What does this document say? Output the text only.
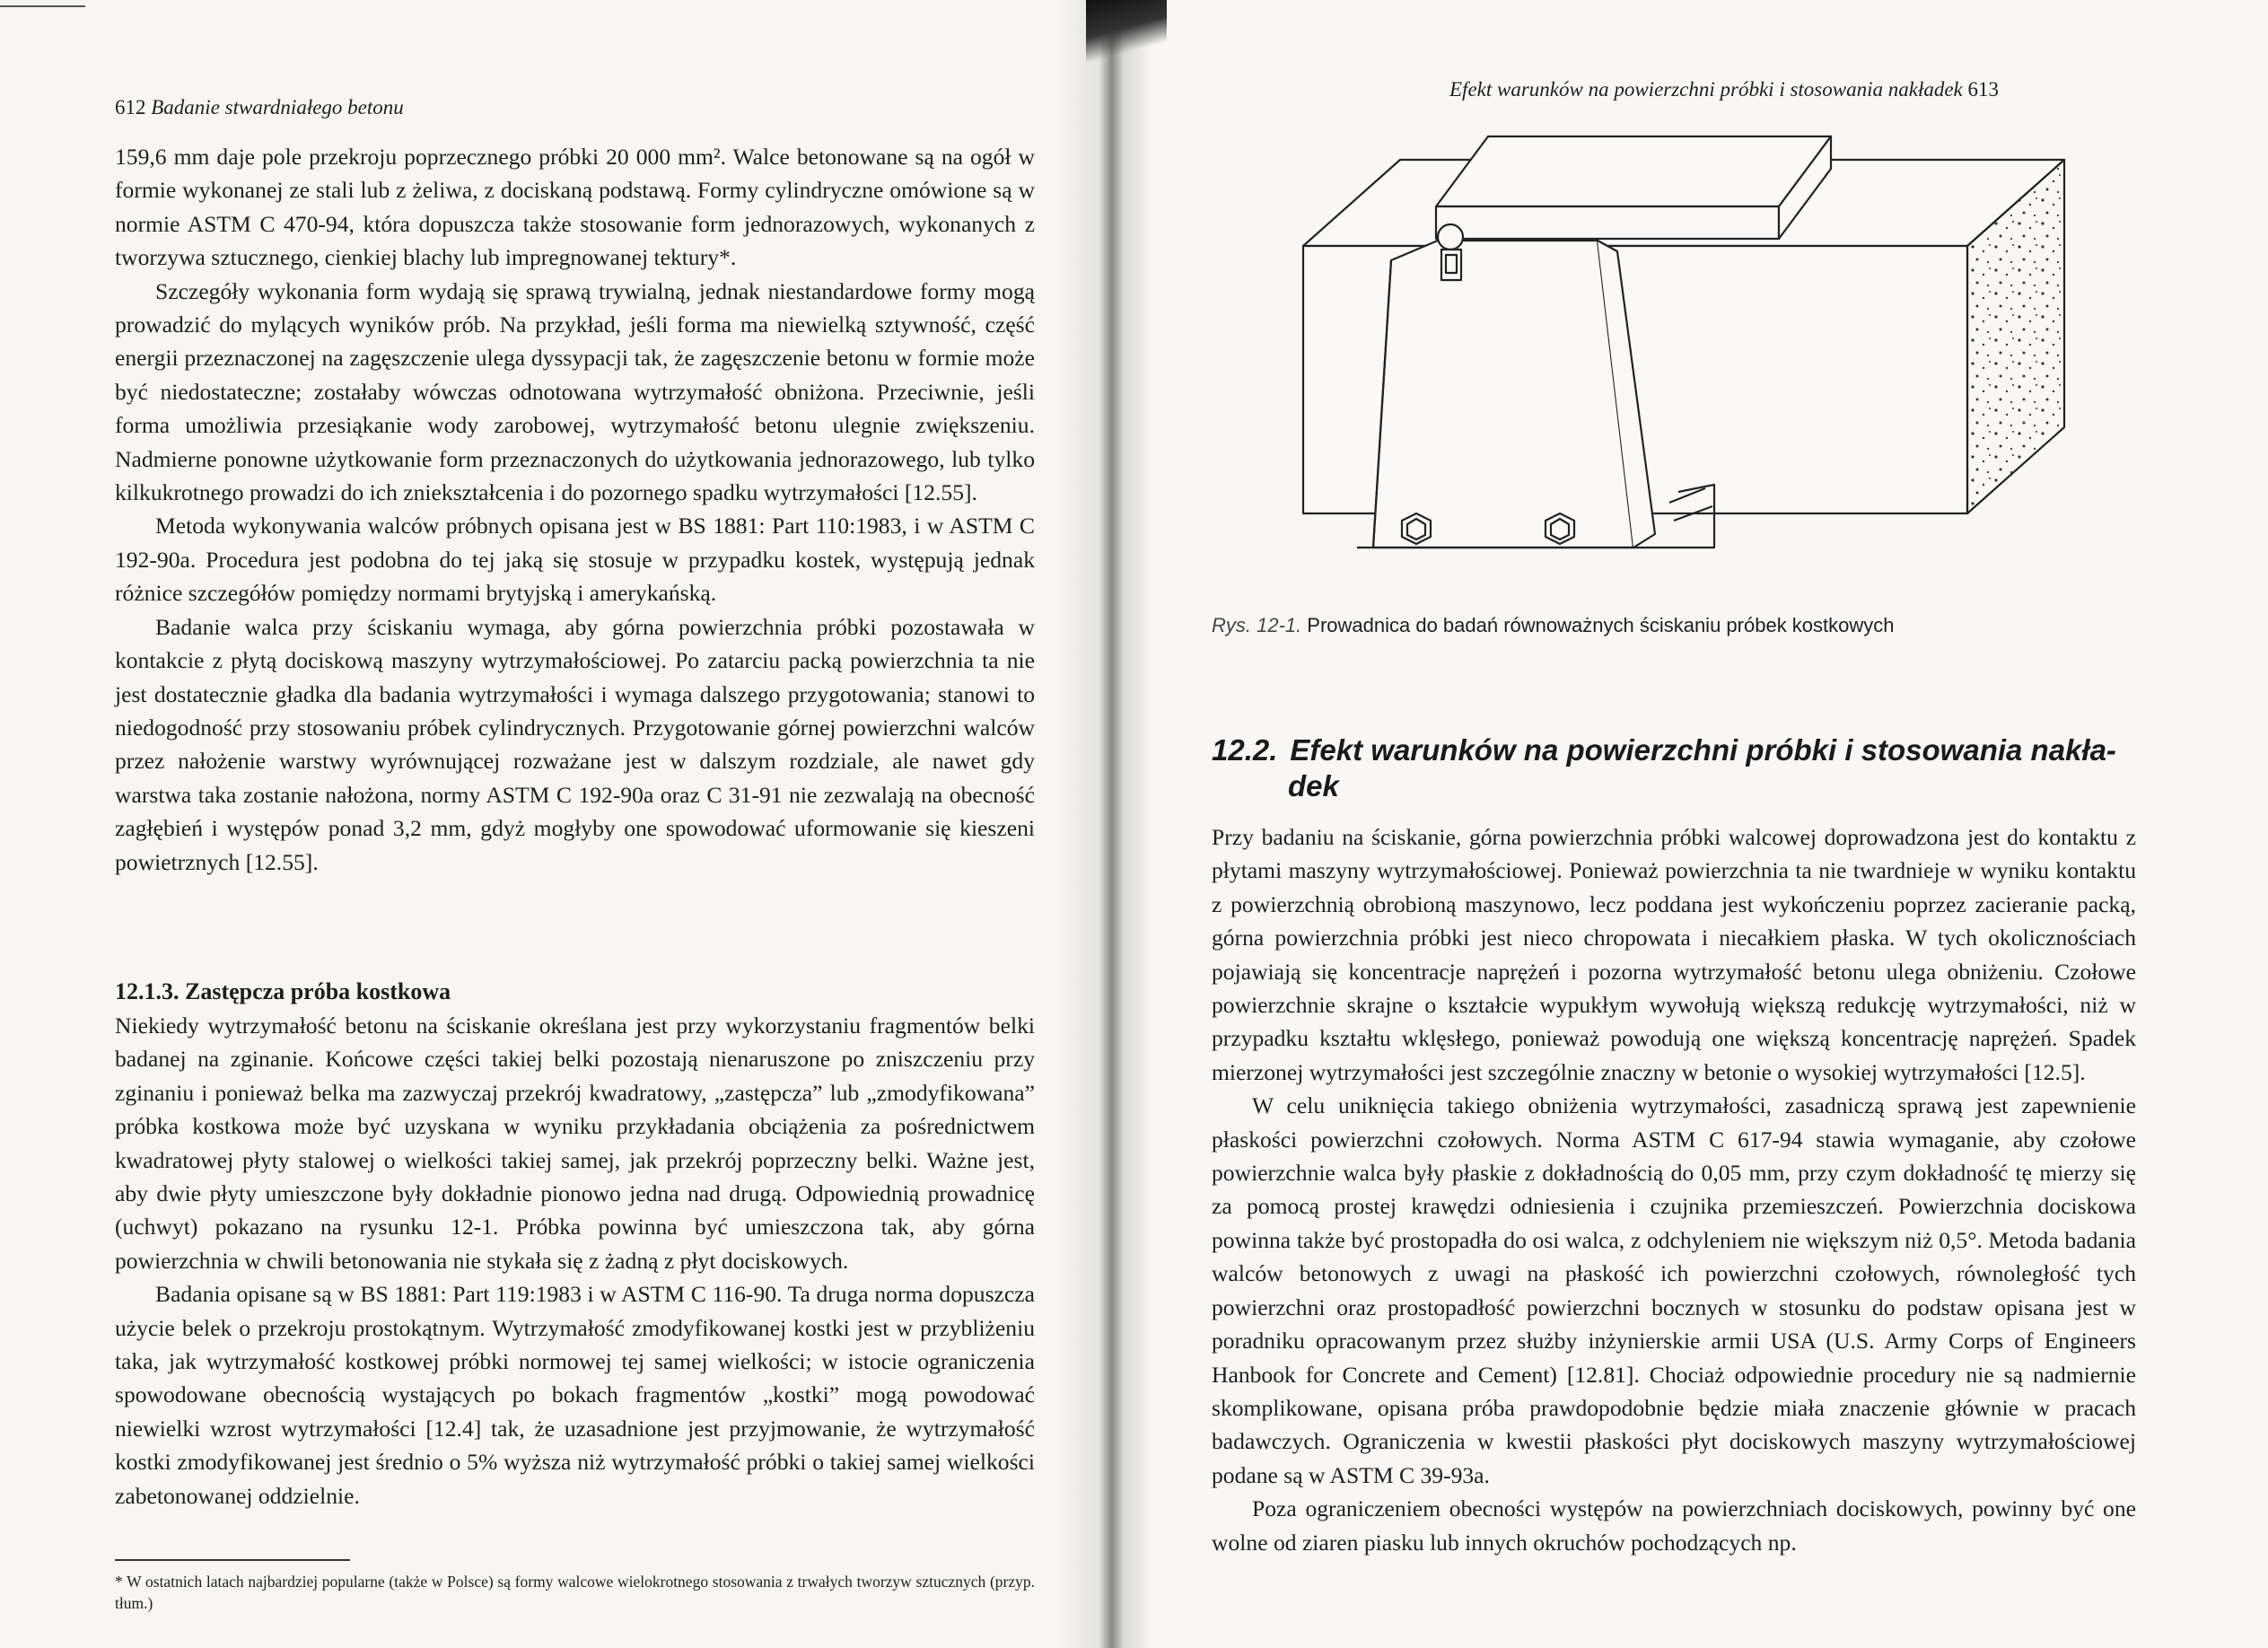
612 Badanie stwardniałego betonu

159,6 mm daje pole przekroju poprzecznego próbki 20 000 mm². Walce betonowane są na ogół w formie wykonanej ze stali lub z żeliwa, z dociskaną podstawą. Formy cylindryczne omówione są w normie ASTM C 470-94, która dopuszcza także stosowanie form jednorazowych, wykonanych z tworzywa sztucznego, cienkiej blachy lub impregnowanej tektury*.

Szczegóły wykonania form wydają się sprawą trywialną, jednak niestandardowe formy mogą prowadzić do mylących wyników prób. Na przykład, jeśli forma ma niewielką sztywność, część energii przeznaczonej na zagęszczenie ulega dyssypacji tak, że zagęszczenie betonu w formie może być niedostateczne; zostałaby wówczas odnotowana wytrzymałość obniżona. Przeciwnie, jeśli forma umożliwia przesiąkanie wody zarobowej, wytrzymałość betonu ulegnie zwiększeniu. Nadmierne ponowne użytkowanie form przeznaczonych do użytkowania jednorazowego, lub tylko kilkukrotnego prowadzi do ich zniekształcenia i do pozornego spadku wytrzymałości [12.55].

Metoda wykonywania walców próbnych opisana jest w BS 1881: Part 110:1983, i w ASTM C 192-90a. Procedura jest podobna do tej jaką się stosuje w przypadku kostek, występują jednak różnice szczegółów pomiędzy normami brytyjską i amerykańską.

Badanie walca przy ściskaniu wymaga, aby górna powierzchnia próbki pozostawała w kontakcie z płytą dociskową maszyny wytrzymałościowej. Po zatarciu packą powierzchnia ta nie jest dostatecznie gładka dla badania wytrzymałości i wymaga dalszego przygotowania; stanowi to niedogodność przy stosowaniu próbek cylindrycznych. Przygotowanie górnej powierzchni walców przez nałożenie warstwy wyrównującej rozważane jest w dalszym rozdziale, ale nawet gdy warstwa taka zostanie nałożona, normy ASTM C 192-90a oraz C 31-91 nie zezwalają na obecność zagłębień i występów ponad 3,2 mm, gdyż mogłyby one spowodować uformowanie się kieszeni powietrznych [12.55].

12.1.3. Zastępcza próba kostkowa

Niekiedy wytrzymałość betonu na ściskanie określana jest przy wykorzystaniu fragmentów belki badanej na zginanie. Końcowe części takiej belki pozostają nienaruszone po zniszczeniu przy zginaniu i ponieważ belka ma zazwyczaj przekrój kwadratowy, „zastępcza” lub „zmodyfikowana” próbka kostkowa może być uzyskana w wyniku przykładania obciążenia za pośrednictwem kwadratowej płyty stalowej o wielkości takiej samej, jak przekrój poprzeczny belki. Ważne jest, aby dwie płyty umieszczone były dokładnie pionowo jedna nad drugą. Odpowiednią prowadnicę (uchwyt) pokazano na rysunku 12-1. Próbka powinna być umieszczona tak, aby górna powierzchnia w chwili betonowania nie stykała się z żadną z płyt dociskowych.

Badania opisane są w BS 1881: Part 119:1983 i w ASTM C 116-90. Ta druga norma dopuszcza użycie belek o przekroju prostokątnym. Wytrzymałość zmodyfikowanej kostki jest w przybliżeniu taka, jak wytrzymałość kostkowej próbki normowej tej samej wielkości; w istocie ograniczenia spowodowane obecnością wystających po bokach fragmentów „kostki” mogą powodować niewielki wzrost wytrzymałości [12.4] tak, że uzasadnione jest przyjmowanie, że wytrzymałość kostki zmodyfikowanej jest średnio o 5% wyższa niż wytrzymałość próbki o takiej samej wielkości zabetonowanej oddzielnie.

* W ostatnich latach najbardziej popularne (także w Polsce) są formy walcowe wielokrotnego stosowania z trwałych tworzyw sztucznych (przyp. tłum.)
Efekt warunków na powierzchni próbki i stosowania nakładek 613
Rys. 12-1. Prowadnica do badań równoważnych ściskaniu próbek kostkowych
12.2. Efekt warunków na powierzchni próbki i stosowania nakła-
dek

Przy badaniu na ściskanie, górna powierzchnia próbki walcowej doprowadzona jest do kontaktu z płytami maszyny wytrzymałościowej. Ponieważ powierzchnia ta nie twardnieje w wyniku kontaktu z powierzchnią obrobioną maszynowo, lecz poddana jest wykończeniu poprzez zacieranie packą, górna powierzchnia próbki jest nieco chropowata i niecałkiem płaska. W tych okolicznościach pojawiają się koncentracje naprężeń i pozorna wytrzymałość betonu ulega obniżeniu. Czołowe powierzchnie skrajne o kształcie wypukłym wywołują większą redukcję wytrzymałości, niż w przypadku kształtu wklęsłego, ponieważ powodują one większą koncentrację naprężeń. Spadek mierzonej wytrzymałości jest szczególnie znaczny w betonie o wysokiej wytrzymałości [12.5].

W celu uniknięcia takiego obniżenia wytrzymałości, zasadniczą sprawą jest zapewnienie płaskości powierzchni czołowych. Norma ASTM C 617-94 stawia wymaganie, aby czołowe powierzchnie walca były płaskie z dokładnością do 0,05 mm, przy czym dokładność tę mierzy się za pomocą prostej krawędzi odniesienia i czujnika przemieszczeń. Powierzchnia dociskowa powinna także być prostopadła do osi walca, z odchyleniem nie większym niż 0,5°. Metoda badania walców betonowych z uwagi na płaskość ich powierzchni czołowych, równoległość tych powierzchni oraz prostopadłość powierzchni bocznych w stosunku do podstaw opisana jest w poradniku opracowanym przez służby inżynierskie armii USA (U.S. Army Corps of Engineers Hanbook for Concrete and Cement) [12.81]. Chociaż odpowiednie procedury nie są nadmiernie skomplikowane, opisana próba prawdopodobnie będzie miała znaczenie głównie w pracach badawczych. Ograniczenia w kwestii płaskości płyt dociskowych maszyny wytrzymałościowej podane są w ASTM C 39-93a.

Poza ograniczeniem obecności występów na powierzchniach dociskowych, powinny być one wolne od ziaren piasku lub innych okruchów pochodzących np.
